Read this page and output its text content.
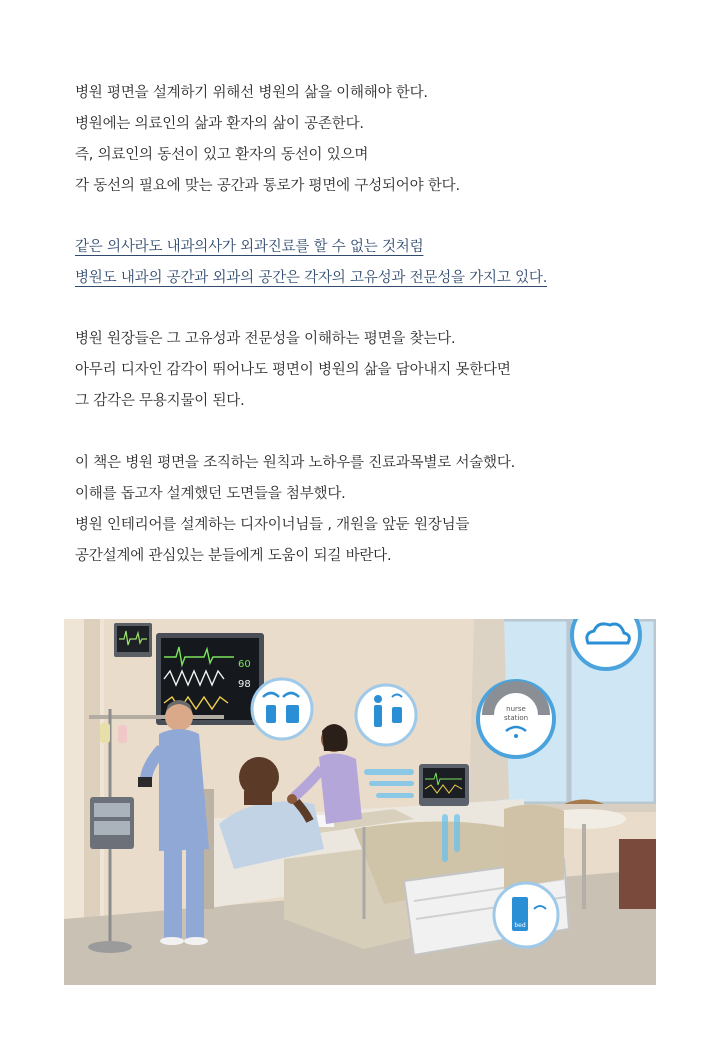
병원 평면을 설계하기 위해선 병원의 삶을 이해해야 한다.
병원에는 의료인의 삶과 환자의 삶이 공존한다.
즉, 의료인의 동선이 있고 환자의 동선이 있으며
각 동선의 필요에 맞는 공간과 통로가 평면에 구성되어야 한다.
같은 의사라도 내과의사가 외과진료를 할 수 없는 것처럼
병원도 내과의 공간과 외과의 공간은 각자의 고유성과 전문성을 가지고 있다.
병원 원장들은 그 고유성과 전문성을 이해하는 평면을 찾는다.
아무리 디자인 감각이 뛰어나도 평면이 병원의 삶을 담아내지 못한다면
그 감각은 무용지물이 된다.
이 책은 병원 평면을 조직하는 원칙과 노하우를 진료과목별로 서술했다.
이해를 돕고자 설계했던 도면들을 첨부했다.
병원 인테리어를 설계하는 디자이너님들 , 개원을 앞둔 원장님들
공간설계에 관심있는 분들에게 도움이 되길 바란다.
60
98
nurse
station
bed
